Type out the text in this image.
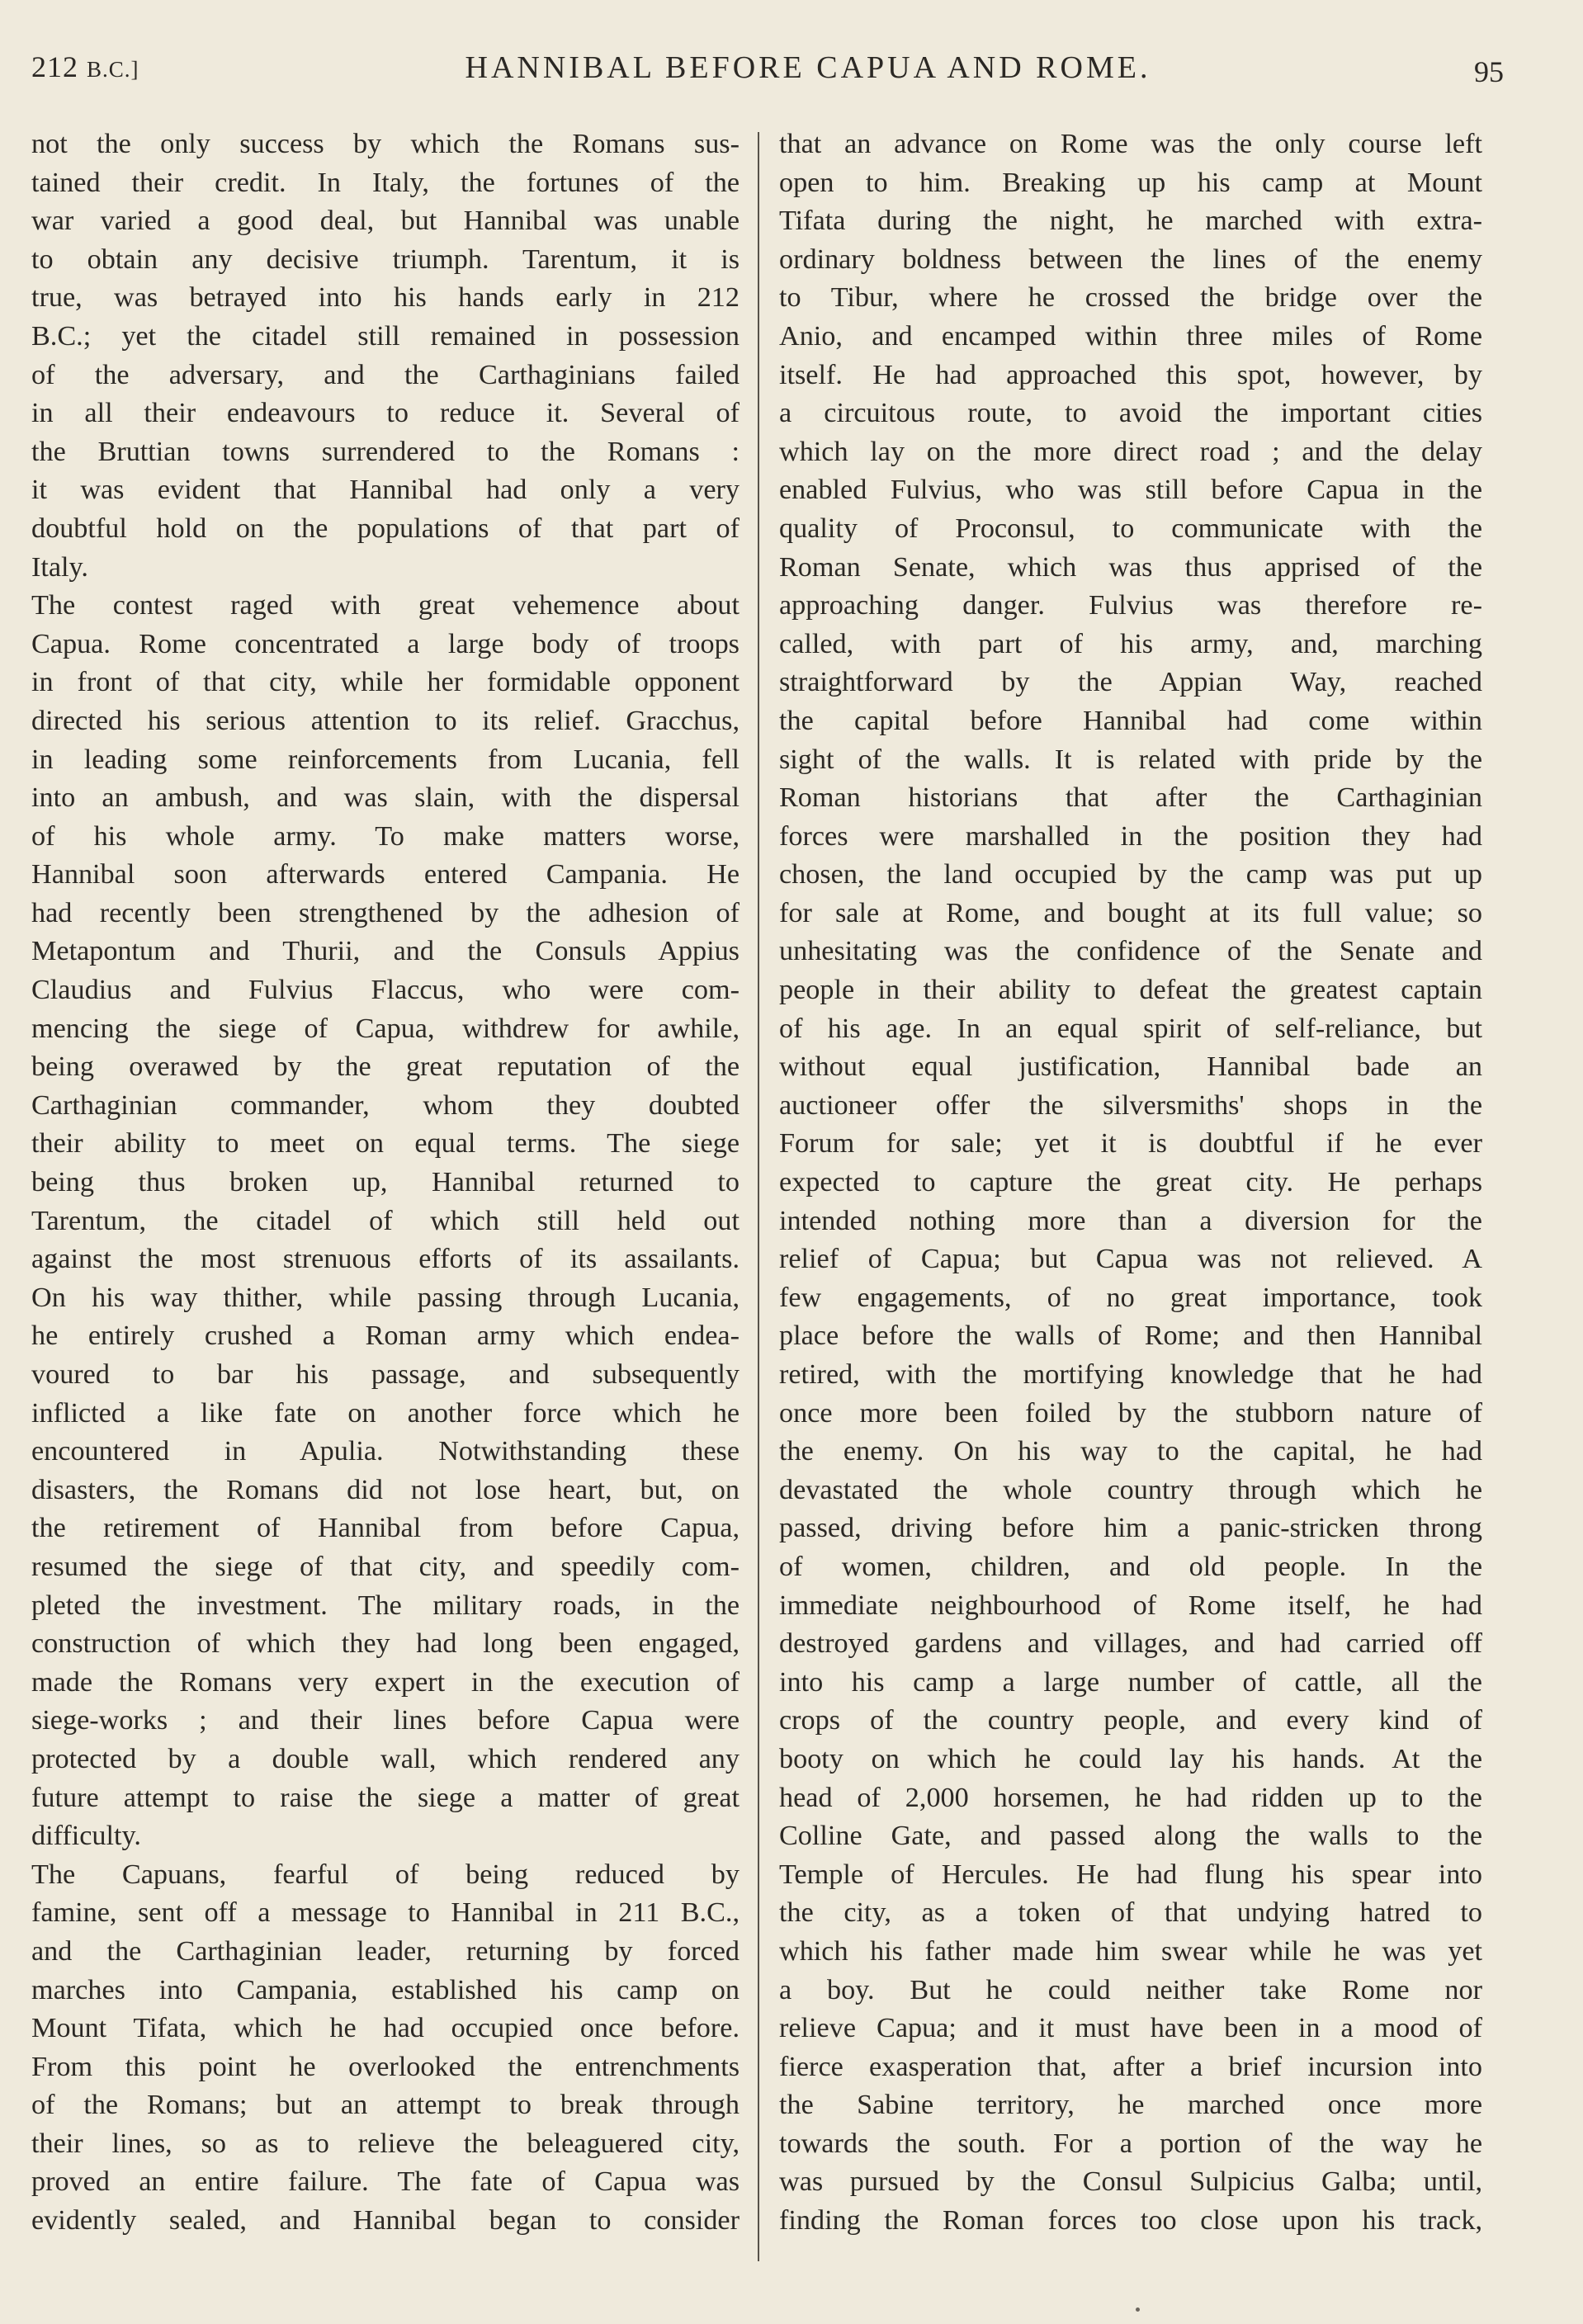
212 B.C.]	HANNIBAL BEFORE CAPUA AND ROME.	95
not the only success by which the Romans sus-
tained their credit. In Italy, the fortunes of the
war varied a good deal, but Hannibal was unable
to obtain any decisive triumph. Tarentum, it is
true, was betrayed into his hands early in 212
B.C.; yet the citadel still remained in possession
of the adversary, and the Carthaginians failed
in all their endeavours to reduce it. Several of
the Bruttian towns surrendered to the Romans :
it was evident that Hannibal had only a very
doubtful hold on the populations of that part of
Italy.
The contest raged with great vehemence about
Capua. Rome concentrated a large body of troops
in front of that city, while her formidable opponent
directed his serious attention to its relief. Gracchus,
in leading some reinforcements from Lucania, fell
into an ambush, and was slain, with the dispersal
of his whole army. To make matters worse,
Hannibal soon afterwards entered Campania. He
had recently been strengthened by the adhesion of
Metapontum and Thurii, and the Consuls Appius
Claudius and Fulvius Flaccus, who were com-
mencing the siege of Capua, withdrew for awhile,
being overawed by the great reputation of the
Carthaginian commander, whom they doubted
their ability to meet on equal terms. The siege
being thus broken up, Hannibal returned to
Tarentum, the citadel of which still held out
against the most strenuous efforts of its assailants.
On his way thither, while passing through Lucania,
he entirely crushed a Roman army which endea-
voured to bar his passage, and subsequently
inflicted a like fate on another force which he
encountered in Apulia. Notwithstanding these
disasters, the Romans did not lose heart, but, on
the retirement of Hannibal from before Capua,
resumed the siege of that city, and speedily com-
pleted the investment. The military roads, in the
construction of which they had long been engaged,
made the Romans very expert in the execution of
siege-works ; and their lines before Capua were
protected by a double wall, which rendered any
future attempt to raise the siege a matter of great
difficulty.
The Capuans, fearful of being reduced by
famine, sent off a message to Hannibal in 211 B.C.,
and the Carthaginian leader, returning by forced
marches into Campania, established his camp on
Mount Tifata, which he had occupied once before.
From this point he overlooked the entrenchments
of the Romans; but an attempt to break through
their lines, so as to relieve the beleaguered city,
proved an entire failure. The fate of Capua was
evidently sealed, and Hannibal began to consider
that an advance on Rome was the only course left
open to him. Breaking up his camp at Mount
Tifata during the night, he marched with extra-
ordinary boldness between the lines of the enemy
to Tibur, where he crossed the bridge over the
Anio, and encamped within three miles of Rome
itself. He had approached this spot, however, by
a circuitous route, to avoid the important cities
which lay on the more direct road ; and the delay
enabled Fulvius, who was still before Capua in the
quality of Proconsul, to communicate with the
Roman Senate, which was thus apprised of the
approaching danger. Fulvius was therefore re-
called, with part of his army, and, marching
straightforward by the Appian Way, reached
the capital before Hannibal had come within
sight of the walls. It is related with pride by the
Roman historians that after the Carthaginian
forces were marshalled in the position they had
chosen, the land occupied by the camp was put up
for sale at Rome, and bought at its full value; so
unhesitating was the confidence of the Senate and
people in their ability to defeat the greatest captain
of his age. In an equal spirit of self-reliance, but
without equal justification, Hannibal bade an
auctioneer offer the silversmiths' shops in the
Forum for sale; yet it is doubtful if he ever
expected to capture the great city. He perhaps
intended nothing more than a diversion for the
relief of Capua; but Capua was not relieved. A
few engagements, of no great importance, took
place before the walls of Rome; and then Hannibal
retired, with the mortifying knowledge that he had
once more been foiled by the stubborn nature of
the enemy. On his way to the capital, he had
devastated the whole country through which he
passed, driving before him a panic-stricken throng
of women, children, and old people. In the
immediate neighbourhood of Rome itself, he had
destroyed gardens and villages, and had carried off
into his camp a large number of cattle, all the
crops of the country people, and every kind of
booty on which he could lay his hands. At the
head of 2,000 horsemen, he had ridden up to the
Colline Gate, and passed along the walls to the
Temple of Hercules. He had flung his spear into
the city, as a token of that undying hatred to
which his father made him swear while he was yet
a boy. But he could neither take Rome nor
relieve Capua; and it must have been in a mood of
fierce exasperation that, after a brief incursion into
the Sabine territory, he marched once more
towards the south. For a portion of the way he
was pursued by the Consul Sulpicius Galba; until,
finding the Roman forces too close upon his track,
